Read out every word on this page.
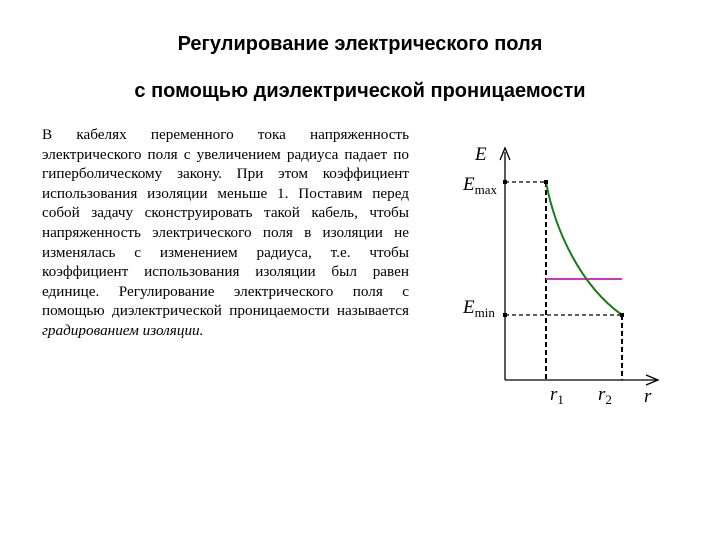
Регулирование электрического поля
с помощью диэлектрической проницаемости
В кабелях переменного тока напряженность электрического поля с увеличением радиуса падает по гиперболическому закону. При этом коэффициент использования изоляции меньше 1. Поставим перед собой задачу сконструировать такой кабель, чтобы напряженность электрического поля в изоляции не изменялась с изменением радиуса, т.е. чтобы коэффициент использования изоляции был равен единице. Регулирование электрического поля с помощью диэлектрической проницаемости называется градированием изоляции.
E
$E_{max}$
$E_{min}$
$r_1$ $r_2$ r
